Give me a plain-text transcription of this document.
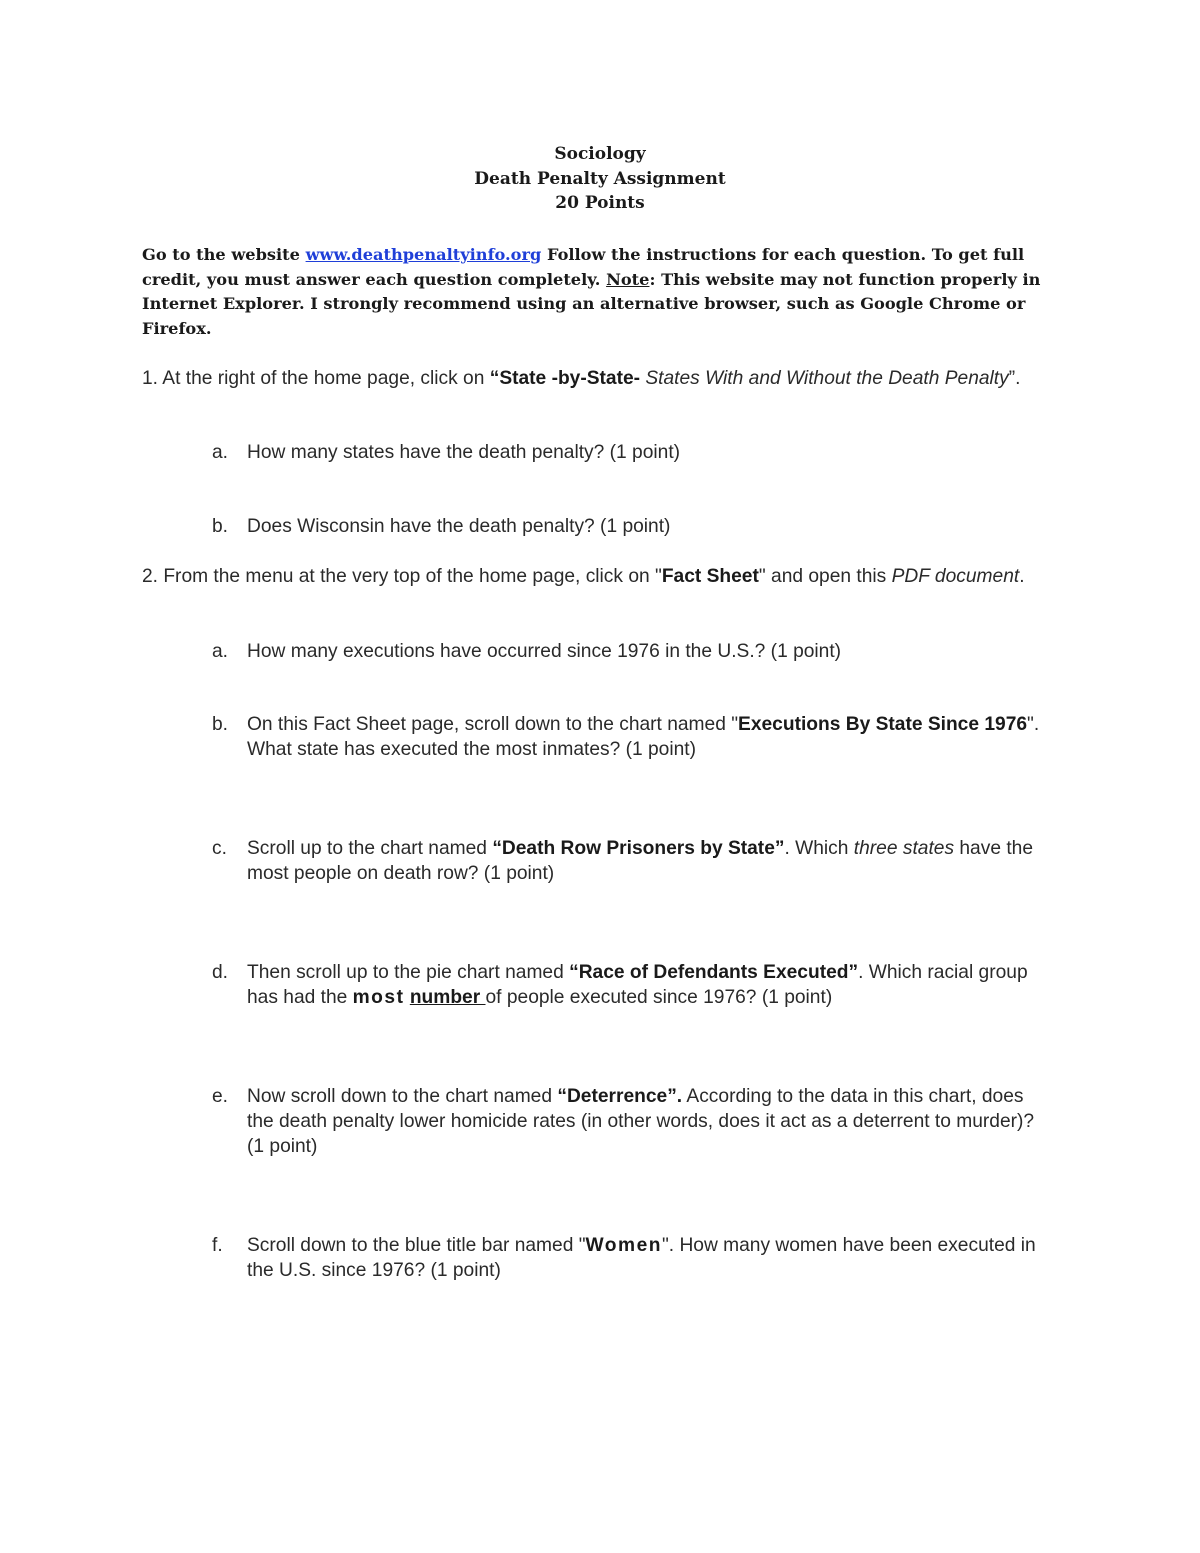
Sociology
Death Penalty Assignment
20 Points

Go to the website www.deathpenaltyinfo.org Follow the instructions for each question. To get full credit, you must answer each question completely. Note: This website may not function properly in Internet Explorer. I strongly recommend using an alternative browser, such as Google Chrome or Firefox.

1. At the right of the home page, click on “State -by-State- States With and Without the Death Penalty”.

a. How many states have the death penalty? (1 point)
b. Does Wisconsin have the death penalty? (1 point)
2. From the menu at the very top of the home page, click on "Fact Sheet" and open this PDF document.
a. How many executions have occurred since 1976 in the U.S.? (1 point)
b. On this Fact Sheet page, scroll down to the chart named "Executions By State Since 1976". What state has executed the most inmates? (1 point)
c.	Scroll up to the chart named “Death Row Prisoners by State”. Which three states have the most people on death row? (1 point)
d. Then scroll up to the pie chart named “Race of Defendants Executed”. Which racial group has had the most number of people executed since 1976? (1 point)
e. Now scroll down to the chart named “Deterrence”. According to the data in this chart, does the death penalty lower homicide rates (in other words, does it act as a deterrent to murder)? (1 point)
f.	Scroll down to the blue title bar named "Women". How many women have been executed in the U.S. since 1976? (1 point)
